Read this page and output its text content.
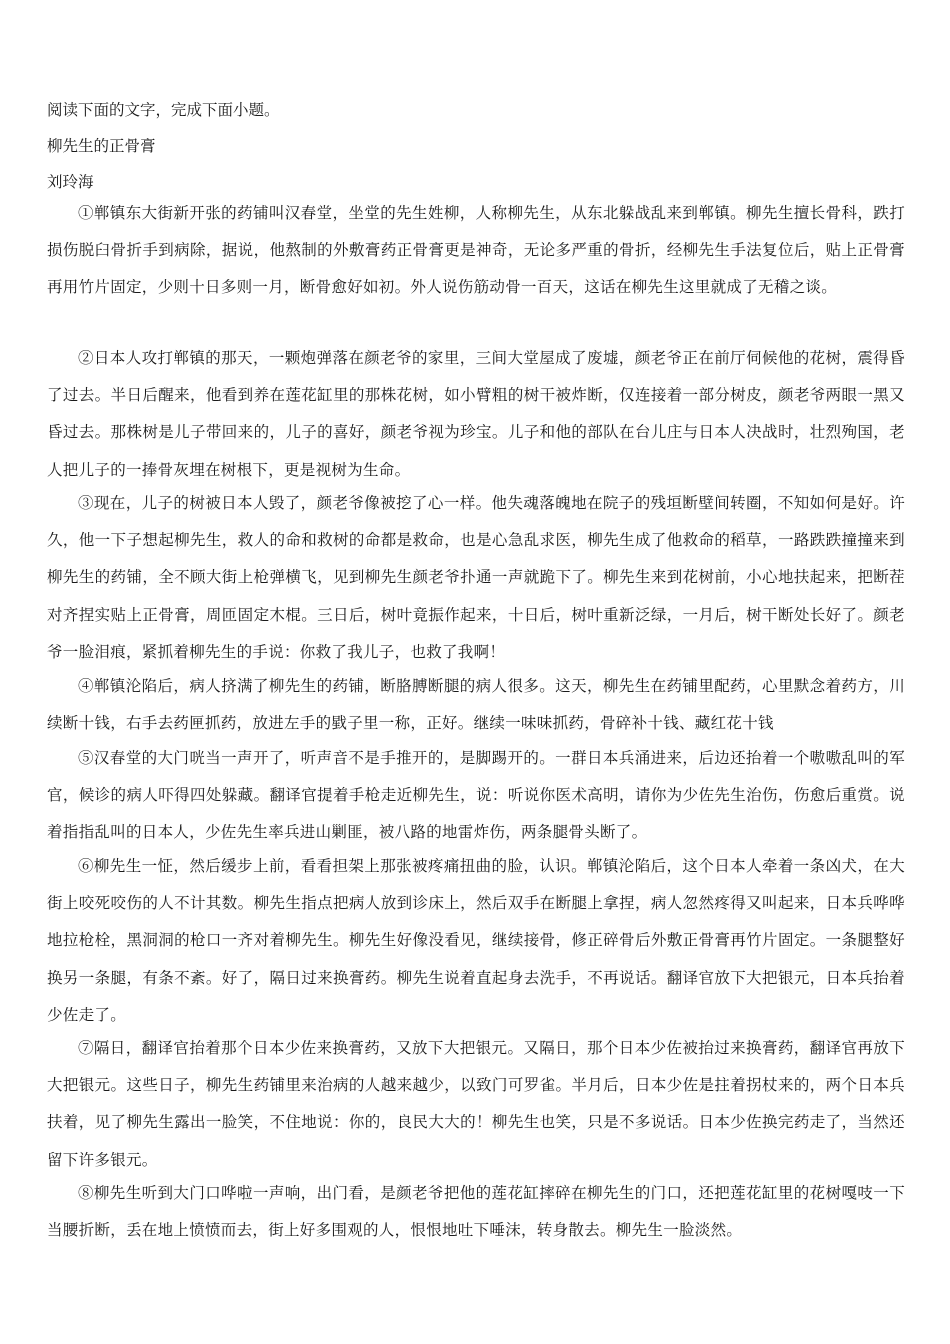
阅读下面的文字，完成下面小题。
柳先生的正骨膏
刘玲海

①郸镇东大街新开张的药铺叫汉春堂，坐堂的先生姓柳，人称柳先生，从东北躲战乱来到郸镇。柳先生擅长骨科，跌打损伤脱臼骨折手到病除，据说，他熬制的外敷膏药正骨膏更是神奇，无论多严重的骨折，经柳先生手法复位后，贴上正骨膏再用竹片固定，少则十日多则一月，断骨愈好如初。外人说伤筋动骨一百天，这话在柳先生这里就成了无稽之谈。

②日本人攻打郸镇的那天，一颗炮弹落在颜老爷的家里，三间大堂屋成了废墟，颜老爷正在前厅伺候他的花树，震得昏了过去。半日后醒来，他看到养在莲花缸里的那株花树，如小臂粗的树干被炸断，仅连接着一部分树皮，颜老爷两眼一黑又昏过去。那株树是儿子带回来的，儿子的喜好，颜老爷视为珍宝。儿子和他的部队在台儿庄与日本人决战时，壮烈殉国，老人把儿子的一捧骨灰埋在树根下，更是视树为生命。

③现在，儿子的树被日本人毁了，颜老爷像被挖了心一样。他失魂落魄地在院子的残垣断壁间转圈，不知如何是好。许久，他一下子想起柳先生，救人的命和救树的命都是救命，也是心急乱求医，柳先生成了他救命的稻草，一路跌跌撞撞来到柳先生的药铺，全不顾大街上枪弹横飞，见到柳先生颜老爷扑通一声就跪下了。柳先生来到花树前，小心地扶起来，把断茬对齐捏实贴上正骨膏，周匝固定木棍。三日后，树叶竟振作起来，十日后，树叶重新泛绿，一月后，树干断处长好了。颜老爷一脸泪痕，紧抓着柳先生的手说：你救了我儿子，也救了我啊！

④郸镇沦陷后，病人挤满了柳先生的药铺，断胳膊断腿的病人很多。这天，柳先生在药铺里配药，心里默念着药方，川续断十钱，右手去药匣抓药，放进左手的戥子里一称，正好。继续一味味抓药，骨碎补十钱、藏红花十钱

⑤汉春堂的大门咣当一声开了，听声音不是手推开的，是脚踢开的。一群日本兵涌进来，后边还抬着一个嗷嗷乱叫的军官，候诊的病人吓得四处躲藏。翻译官提着手枪走近柳先生，说：听说你医术高明，请你为少佐先生治伤，伤愈后重赏。说着指指乱叫的日本人，少佐先生率兵进山剿匪，被八路的地雷炸伤，两条腿骨头断了。

⑥柳先生一怔，然后缓步上前，看看担架上那张被疼痛扭曲的脸，认识。郸镇沦陷后，这个日本人牵着一条凶犬，在大街上咬死咬伤的人不计其数。柳先生指点把病人放到诊床上，然后双手在断腿上拿捏，病人忽然疼得又叫起来，日本兵哗哗地拉枪栓，黑洞洞的枪口一齐对着柳先生。柳先生好像没看见，继续接骨，修正碎骨后外敷正骨膏再竹片固定。一条腿整好换另一条腿，有条不紊。好了，隔日过来换膏药。柳先生说着直起身去洗手，不再说话。翻译官放下大把银元，日本兵抬着少佐走了。

⑦隔日，翻译官抬着那个日本少佐来换膏药，又放下大把银元。又隔日，那个日本少佐被抬过来换膏药，翻译官再放下大把银元。这些日子，柳先生药铺里来治病的人越来越少，以致门可罗雀。半月后，日本少佐是拄着拐杖来的，两个日本兵扶着，见了柳先生露出一脸笑，不住地说：你的，良民大大的！柳先生也笑，只是不多说话。日本少佐换完药走了，当然还留下许多银元。

⑧柳先生听到大门口哗啦一声响，出门看，是颜老爷把他的莲花缸摔碎在柳先生的门口，还把莲花缸里的花树嘎吱一下当腰折断，丢在地上愤愤而去，街上好多围观的人，恨恨地吐下唾沫，转身散去。柳先生一脸淡然。
